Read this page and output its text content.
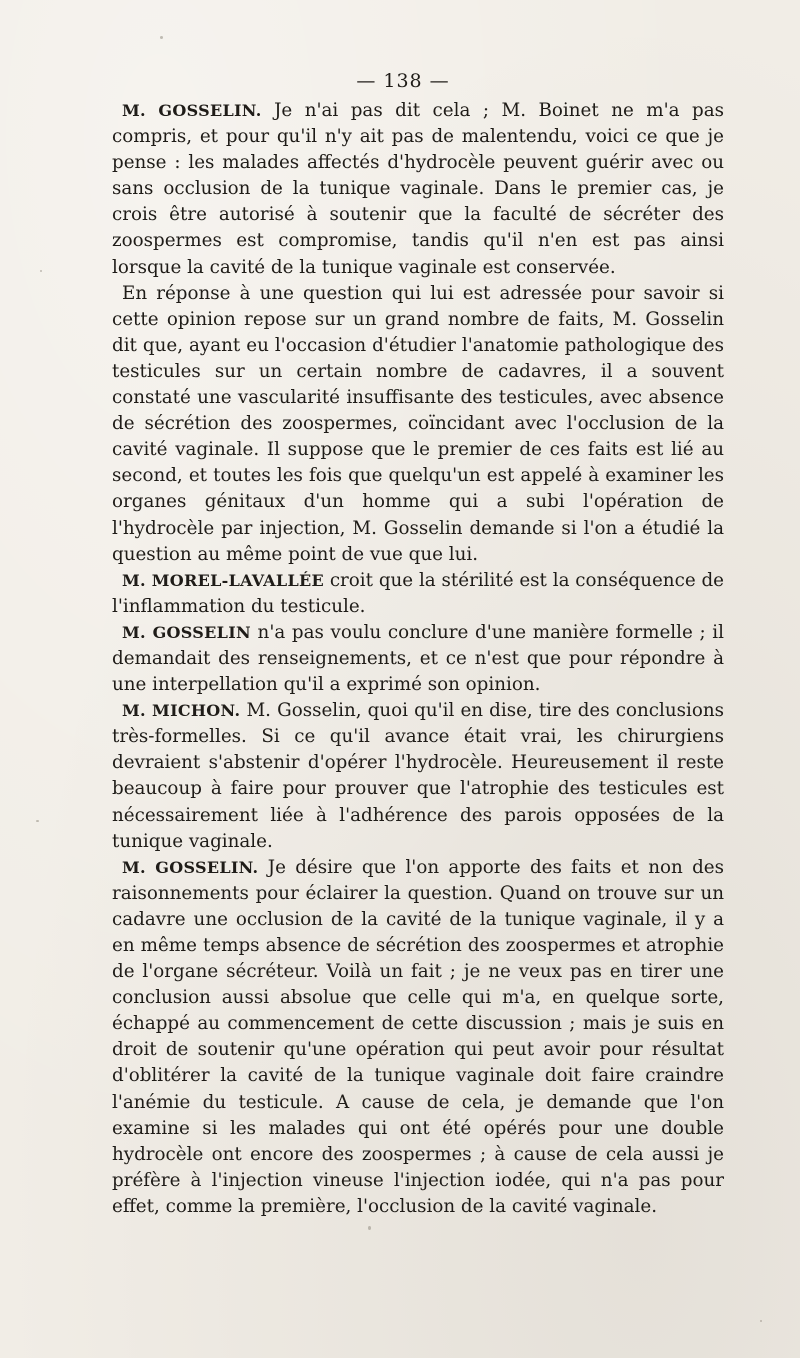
— 138 —

M. GOSSELIN. Je n'ai pas dit cela ; M. Boinet ne m'a pas compris, et pour qu'il n'y ait pas de malentendu, voici ce que je pense : les malades affectés d'hydrocèle peuvent guérir avec ou sans occlusion de la tunique vaginale. Dans le premier cas, je crois être autorisé à soutenir que la faculté de sécréter des zoospermes est compromise, tandis qu'il n'en est pas ainsi lorsque la cavité de la tunique vaginale est conservée.

En réponse à une question qui lui est adressée pour savoir si cette opinion repose sur un grand nombre de faits, M. Gosselin dit que, ayant eu l'occasion d'étudier l'anatomie pathologique des testicules sur un certain nombre de cadavres, il a souvent constaté une vascularité insuffisante des testicules, avec absence de sécrétion des zoospermes, coïncidant avec l'occlusion de la cavité vaginale. Il suppose que le premier de ces faits est lié au second, et toutes les fois que quelqu'un est appelé à examiner les organes génitaux d'un homme qui a subi l'opération de l'hydrocèle par injection, M. Gosselin demande si l'on a étudié la question au même point de vue que lui.

M. MOREL-LAVALLÉE croit que la stérilité est la conséquence de l'inflammation du testicule.

M. GOSSELIN n'a pas voulu conclure d'une manière formelle ; il demandait des renseignements, et ce n'est que pour répondre à une interpellation qu'il a exprimé son opinion.

M. MICHON. M. Gosselin, quoi qu'il en dise, tire des conclusions très-formelles. Si ce qu'il avance était vrai, les chirurgiens devraient s'abstenir d'opérer l'hydrocèle. Heureusement il reste beaucoup à faire pour prouver que l'atrophie des testicules est nécessairement liée à l'adhérence des parois opposées de la tunique vaginale.

M. GOSSELIN. Je désire que l'on apporte des faits et non des raisonnements pour éclairer la question. Quand on trouve sur un cadavre une occlusion de la cavité de la tunique vaginale, il y a en même temps absence de sécrétion des zoospermes et atrophie de l'organe sécréteur. Voilà un fait ; je ne veux pas en tirer une conclusion aussi absolue que celle qui m'a, en quelque sorte, échappé au commencement de cette discussion ; mais je suis en droit de soutenir qu'une opération qui peut avoir pour résultat d'oblitérer la cavité de la tunique vaginale doit faire craindre l'anémie du testicule. A cause de cela, je demande que l'on examine si les malades qui ont été opérés pour une double hydrocèle ont encore des zoospermes ; à cause de cela aussi je préfère à l'injection vineuse l'injection iodée, qui n'a pas pour effet, comme la première, l'occlusion de la cavité vaginale.
